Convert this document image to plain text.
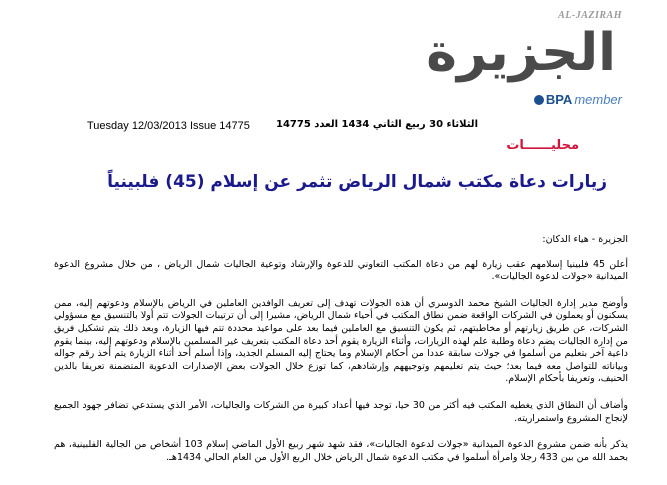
AL-JAZIRAH
الجزيرة
BPA member
Tuesday 12/03/2013 Issue 14775	الثلاثاء 30 ربيع الثاني 1434 العدد 14775
محليــــــات
زيارات دعاة مكتب شمال الرياض تثمر عن إسلام (45) فلبينياً

الجزيرة - هياء الدكان:

أعلن 45 فلبينيا إسلامهم عقب زيارة لهم من دعاة المكتب التعاوني للدعوة والإرشاد وتوعية الجاليات شمال الرياض ، من خلال مشروع الدعوة الميدانية «جولات لدعوة الجاليات».

وأوضح مدير إدارة الجاليات الشيخ محمد الدوسري أن هذه الجولات تهدف إلى تعريف الوافدين العاملين في الرياض بالإسلام ودعوتهم إليه، ممن يسكنون أو يعملون في الشركات الواقعة ضمن نطاق المكتب في أحياء شمال الرياض، مشيرا إلى أن ترتيبات الجولات تتم أولا بالتنسيق مع مسؤولي الشركات، عن طريق زيارتهم أو مخاطبتهم، ثم يكون التنسيق مع العاملين فيما بعد على مواعيد محددة تتم فيها الزيارة، وبعد ذلك يتم تشكيل فريق من إدارة الجاليات يضم دعاة وطلبة علم لهذه الزيارات، وأثناء الزيارة يقوم أحد دعاة المكتب بتعريف غير المسلمين بالإسلام ودعوتهم إليه، بينما يقوم داعية آخر بتعليم من أسلموا في جولات سابقة عددا من أحكام الإسلام وما يحتاج إليه المسلم الجديد، وإذا أسلم أحد أثناء الزيارة يتم أخذ رقم جواله وبياناته للتواصل معه فيما بعد؛ حيث يتم تعليمهم وتوجيههم وإرشادهم، كما توزع خلال الجولات بعض الإصدارات الدعوية المتضمنة تعريفا بالدين الحنيف، وتعريفا بأحكام الإسلام.

وأضاف أن النطاق الذي يغطيه المكتب فيه أكثر من 30 حيا، توجد فيها أعداد كبيرة من الشركات والجاليات، الأمر الذي يستدعي تضافر جهود الجميع لإنجاح المشروع واستمراريته.

يذكر بأنه ضمن مشروع الدعوة الميدانية «جولات لدعوة الجاليات»، فقد شهد شهر ربيع الأول الماضي إسلام 103 أشخاص من الجالية الفلبينية، هم بحمد الله من بين 433 رجلا وامرأة أسلموا في مكتب الدعوة شمال الرياض خلال الربع الأول من العام الحالي 1434هـ.
